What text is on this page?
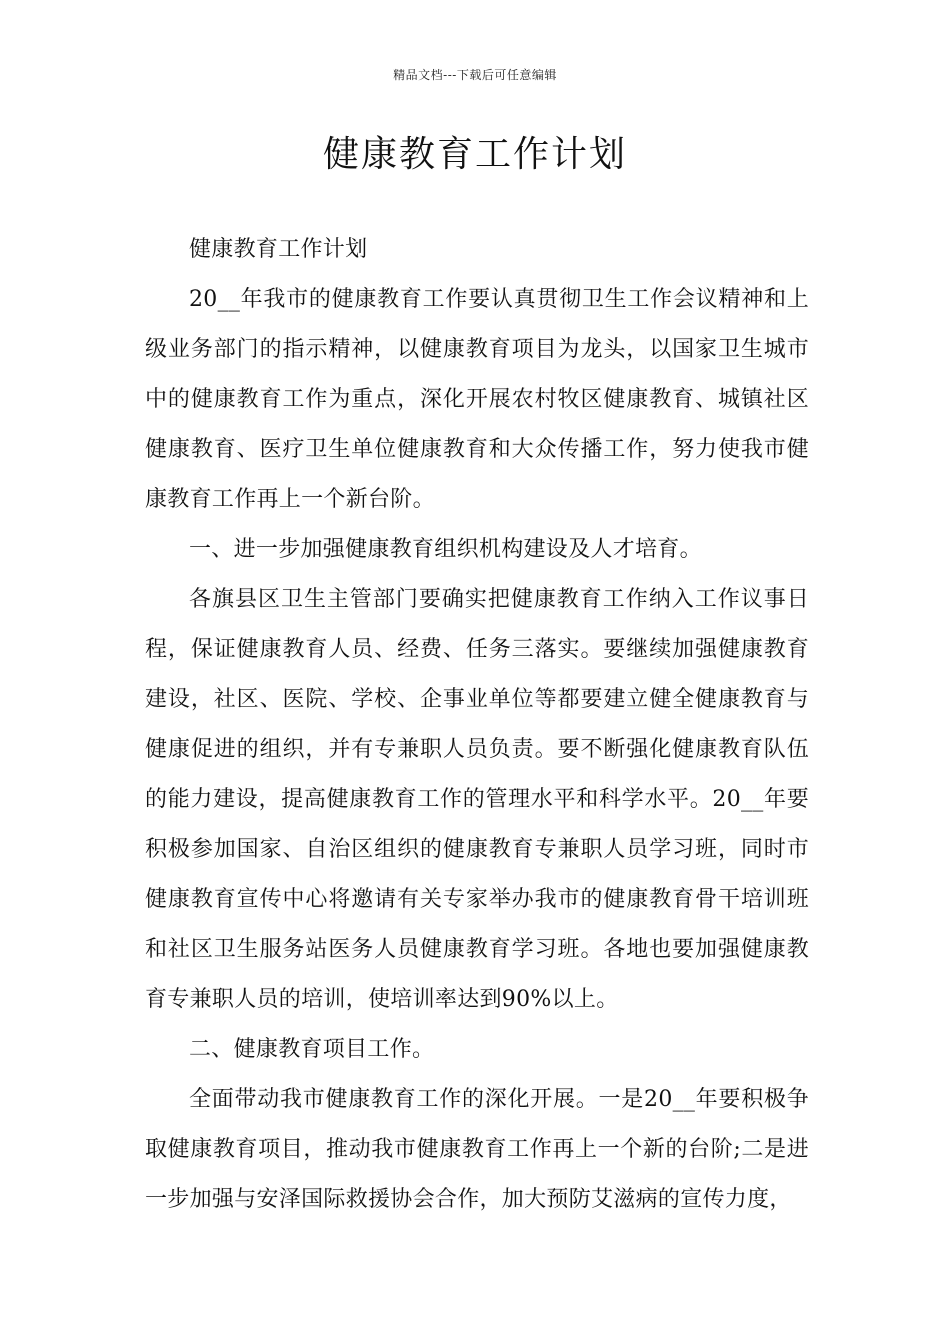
精品文档---下载后可任意编辑
健康教育工作计划

健康教育工作计划

20__年我市的健康教育工作要认真贯彻卫生工作会议精神和上级业务部门的指示精神，以健康教育项目为龙头，以国家卫生城市中的健康教育工作为重点，深化开展农村牧区健康教育、城镇社区健康教育、医疗卫生单位健康教育和大众传播工作，努力使我市健康教育工作再上一个新台阶。

一、进一步加强健康教育组织机构建设及人才培育。

各旗县区卫生主管部门要确实把健康教育工作纳入工作议事日程，保证健康教育人员、经费、任务三落实。要继续加强健康教育建设，社区、医院、学校、企事业单位等都要建立健全健康教育与健康促进的组织，并有专兼职人员负责。要不断强化健康教育队伍的能力建设，提高健康教育工作的管理水平和科学水平。20__年要积极参加国家、自治区组织的健康教育专兼职人员学习班，同时市健康教育宣传中心将邀请有关专家举办我市的健康教育骨干培训班和社区卫生服务站医务人员健康教育学习班。各地也要加强健康教育专兼职人员的培训，使培训率达到90%以上。

二、健康教育项目工作。

全面带动我市健康教育工作的深化开展。一是20__年要积极争取健康教育项目，推动我市健康教育工作再上一个新的台阶;二是进一步加强与安泽国际救援协会合作，加大预防艾滋病的宣传力度，
